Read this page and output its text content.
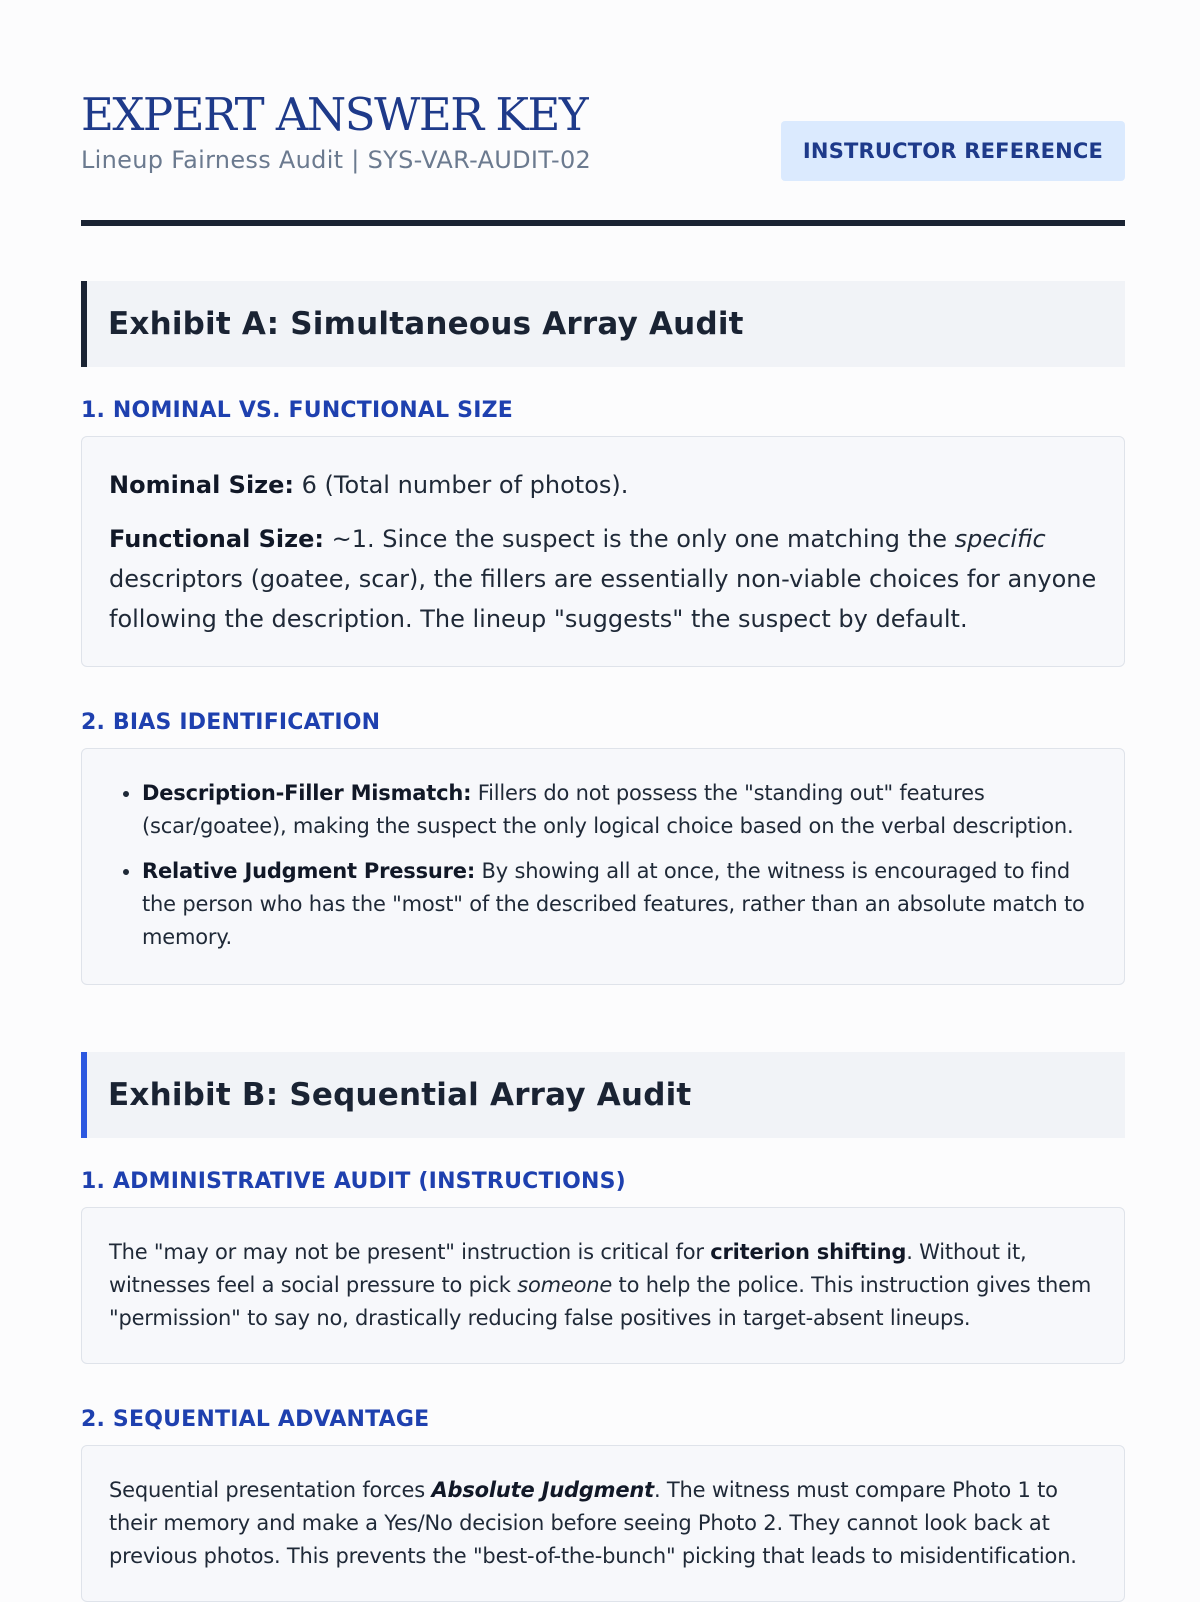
EXPERT ANSWER KEY
Lineup Fairness Audit | SYS-VAR-AUDIT-02	INSTRUCTOR REFERENCE
Exhibit A: Simultaneous Array Audit
1. NOMINAL VS. FUNCTIONAL SIZE

Nominal Size: 6 (Total number of photos).

Functional Size: ~1. Since the suspect is the only one matching the specific descriptors (goatee, scar), the fillers are essentially non-viable choices for anyone following the description. The lineup "suggests" the suspect by default.

2. BIAS IDENTIFICATION
• Description-Filler Mismatch: Fillers do not possess the "standing out" features (scar/goatee), making the suspect the only logical choice based on the verbal description.
• Relative Judgment Pressure: By showing all at once, the witness is encouraged to find the person who has the "most" of the described features, rather than an absolute match to memory.
Exhibit B: Sequential Array Audit
1. ADMINISTRATIVE AUDIT (INSTRUCTIONS)

The "may or may not be present" instruction is critical for criterion shifting. Without it, witnesses feel a social pressure to pick someone to help the police. This instruction gives them "permission" to say no, drastically reducing false positives in target-absent lineups.

2. SEQUENTIAL ADVANTAGE

Sequential presentation forces Absolute Judgment. The witness must compare Photo 1 to their memory and make a Yes/No decision before seeing Photo 2. They cannot look back at previous photos. This prevents the "best-of-the-bunch" picking that leads to misidentification.
